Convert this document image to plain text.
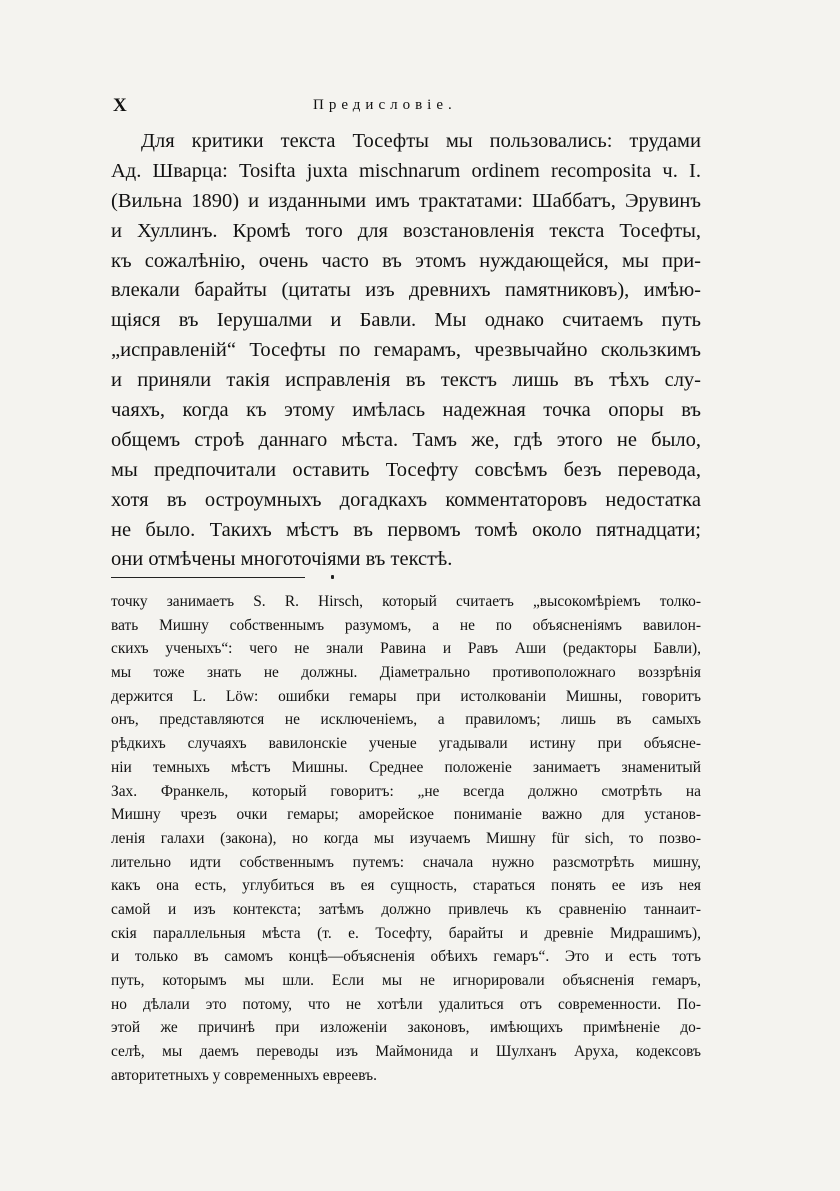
X	Предисловіе.
Для критики текста Тосефты мы пользовались: трудами
Ад. Шварца: Tosifta juxta mischnarum ordinem recomposita ч. I.
(Вильна 1890) и изданными имъ трактатами: Шаббатъ, Эрувинъ
и Хуллинъ. Кромѣ того для возстановленія текста Тосефты,
къ сожалѣнію, очень часто въ этомъ нуждающейся, мы при-
влекали барайты (цитаты изъ древнихъ памятниковъ), имѣю-
щіяся въ Іерушалми и Бавли. Мы однако считаемъ путь
„исправленій“ Тосефты по гемарамъ, чрезвычайно скользкимъ
и приняли такія исправленія въ текстъ лишь въ тѣхъ слу-
чаяхъ, когда къ этому имѣлась надежная точка опоры въ
общемъ строѣ даннаго мѣста. Тамъ же, гдѣ этого не было,
мы предпочитали оставить Тосефту совсѣмъ безъ перевода,
хотя въ остроумныхъ догадкахъ комментаторовъ недостатка
не было. Такихъ мѣстъ въ первомъ томѣ около пятнадцати;
они отмѣчены многоточіями въ текстѣ.
точку занимаетъ S. R. Hirsch, который считаетъ „высокомѣріемъ толко-
вать Мишну собственнымъ разумомъ, а не по объясненіямъ вавилон-
скихъ ученыхъ“: чего не знали Равина и Равъ Аши (редакторы Бавли),
мы тоже знать не должны. Діаметрально противоположнаго воззрѣнія
держится L. Löw: ошибки гемары при истолкованіи Мишны, говоритъ
онъ, представляются не исключеніемъ, а правиломъ; лишь въ самыхъ
рѣдкихъ случаяхъ вавилонскіе ученые угадывали истину при объясне-
ніи темныхъ мѣстъ Мишны. Среднее положеніе занимаетъ знаменитый
Зах. Франкель, который говоритъ: „не всегда должно смотрѣть на
Мишну чрезъ очки гемары; аморейское пониманіе важно для установ-
ленія галахи (закона), но когда мы изучаемъ Мишну für sich, то позво-
лительно идти собственнымъ путемъ: сначала нужно разсмотрѣть мишну,
какъ она есть, углубиться въ ея сущность, стараться понять ее изъ нея
самой и изъ контекста; затѣмъ должно привлечь къ сравненію таннаит-
скія параллельныя мѣста (т. е. Тосефту, барайты и древніе Мидрашимъ),
и только въ самомъ концѣ—объясненія обѣихъ гемаръ“. Это и есть тотъ
путь, которымъ мы шли. Если мы не игнорировали объясненія гемаръ,
но дѣлали это потому, что не хотѣли удалиться отъ современности. По-
этой же причинѣ при изложеніи законовъ, имѣющихъ примѣненіе до-
селѣ, мы даемъ переводы изъ Маймонида и Шулханъ Аруха, кодексовъ
авторитетныхъ у современныхъ евреевъ.
